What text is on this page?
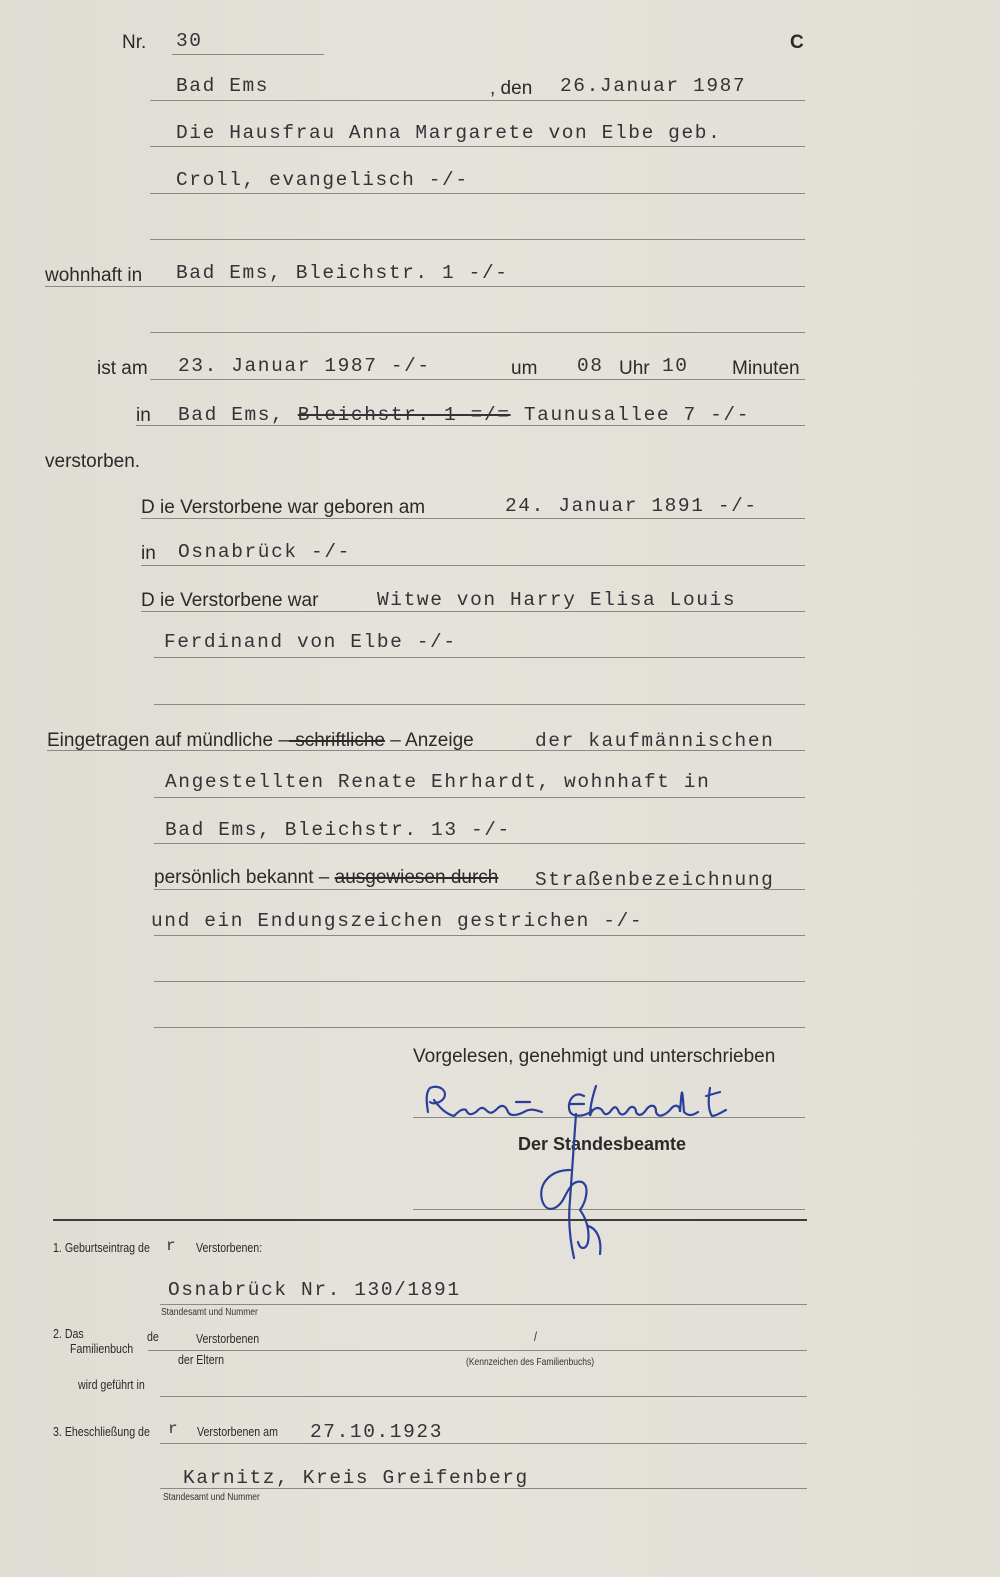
Nr. 30	C
Bad Ems	, den 26.Januar 1987
Die Hausfrau Anna Margarete von Elbe geb.
Croll, evangelisch -/-
wohnhaft in Bad Ems, Bleichstr. 1 -/-
ist am 23. Januar 1987 -/-	um 08 Uhr 10 Minuten
in Bad Ems, Bleichstr.-1-=/= Taunusallee 7 -/-
verstorben.
D ie Verstorbene war geboren am	24. Januar 1891 -/-
in Osnabrück -/-
D ie Verstorbene war	Witwe von Harry Elisa Louis
Ferdinand von Elbe -/-
Eingetragen auf mündliche –-schriftliche – Anzeige	der kaufmännischen
Angestellten Renate Ehrhardt, wohnhaft in
Bad Ems, Bleichstr. 13 -/-
persönlich bekannt – ausgewiesen durch Straßenbezeichnung
und ein Endungszeichen gestrichen -/-
Vorgelesen, genehmigt und unterschrieben
Der Standesbeamte
1. Geburtseintrag de r Verstorbenen:
Osnabrück Nr. 130/1891
Standesamt und Nummer
2. Das
Familienbuch
de	Verstorbenen	/
der Eltern	(Kennzeichen des Familienbuchs)
wird geführt in
3. Eheschließung de r Verstorbenen am 27.10.1923
Karnitz, Kreis Greifenberg
Standesamt und Nummer
